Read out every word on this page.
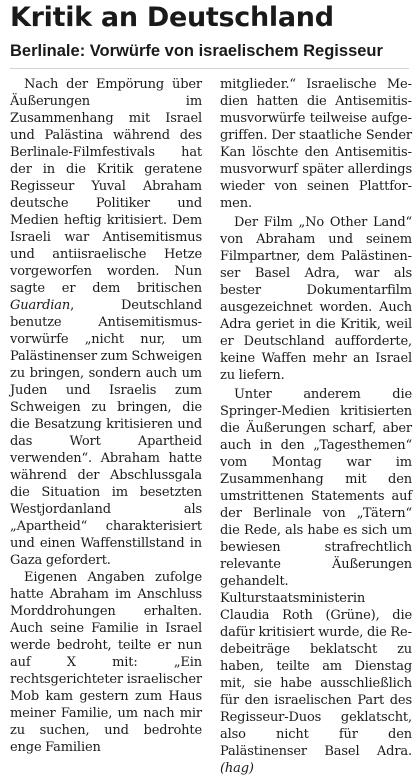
Kritik an Deutschland
Berlinale: Vorwürfe von israelischem Regisseur

Nach der Empörung über Äußerungen im Zusammenhang mit Israel und Palästina während des Berlinale-Filmfestivals hat der in die Kritik geratene Regisseur Yuval Abraham deutsche Politiker und Medien heftig kritisiert. Dem Israeli war Antisemitismus und antiisraelische Hetze vorgeworfen worden. Nun sagte er dem britischen Guardian, Deutschland benutze Antisemitismusvorwürfe „nicht nur, um Palästinenser zum Schweigen zu bringen, sondern auch um Juden und Israelis zum Schweigen zu bringen, die die Besatzung kritisieren und das Wort Apartheid verwenden“. Abraham hatte während der Abschlussgala die Situation im besetzten Westjordanland als „Apartheid“ charakterisiert und einen Waffenstillstand in Gaza gefordert.

Eigenen Angaben zufolge hatte Abraham im Anschluss Morddrohungen erhalten. Auch seine Familie in Israel werde bedroht, teilte er nun auf X mit: „Ein rechtsgerichteter israelischer Mob kam gestern zum Haus meiner Familie, um nach mir zu suchen, und bedrohte enge Familien

mitglieder.“ Israelische Medien hatten die Antisemitismusvorwürfe teilweise aufgegriffen. Der staatliche Sender Kan löschte den Antisemitismusvorwurf später allerdings wieder von seinen Plattformen.

Der Film „No Other Land“ von Abraham und seinem Filmpartner, dem Palästinenser Basel Adra, war als bester Dokumentarfilm ausgezeichnet worden. Auch Adra geriet in die Kritik, weil er Deutschland aufforderte, keine Waffen mehr an Israel zu liefern.

Unter anderem die Springer-Medien kritisierten die Äußerungen scharf, aber auch in den „Tagesthemen“ vom Montag war im Zusammenhang mit den umstrittenen Statements auf der Berlinale von „Tätern“ die Rede, als habe es sich um bewiesen strafrechtlich relevante Äußerungen gehandelt. Kulturstaatsministerin Claudia Roth (Grüne), die dafür kritisiert wurde, die Redebeiträge beklatscht zu haben, teilte am Dienstag mit, sie habe ausschließlich für den israelischen Part des Regisseur-Duos geklatscht, also nicht für den Palästinenser Basel Adra. (hag)
